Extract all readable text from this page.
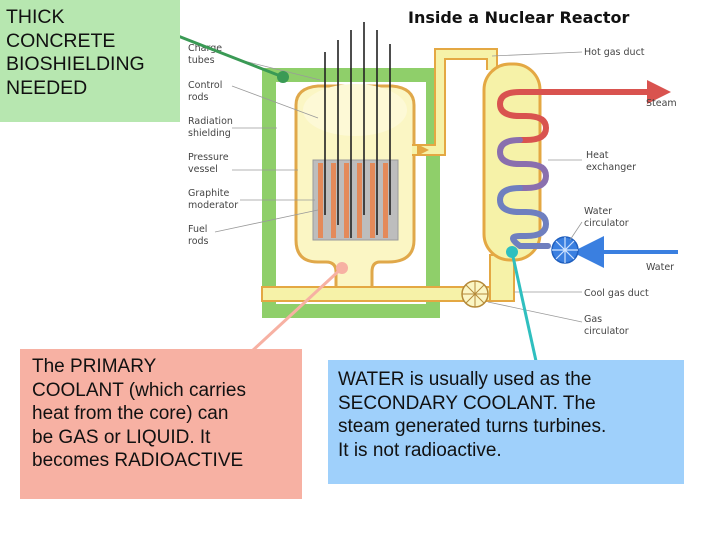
Charge
tubes
Control
rods
Radiation
shielding
Pressure
vessel
Graphite
moderator
Fuel
rods
Hot gas duct
Steam
Heat
exchanger
Water
circulator
Water
Cool gas duct
Gas
circulator
Inside a Nuclear Reactor
THICK
CONCRETE
BIOSHIELDING
NEEDED
The PRIMARY
COOLANT (which carries
heat from the core) can
be GAS or LIQUID. It
becomes RADIOACTIVE
WATER is usually used as the
SECONDARY COOLANT. The
steam generated turns turbines.
It is not radioactive.
